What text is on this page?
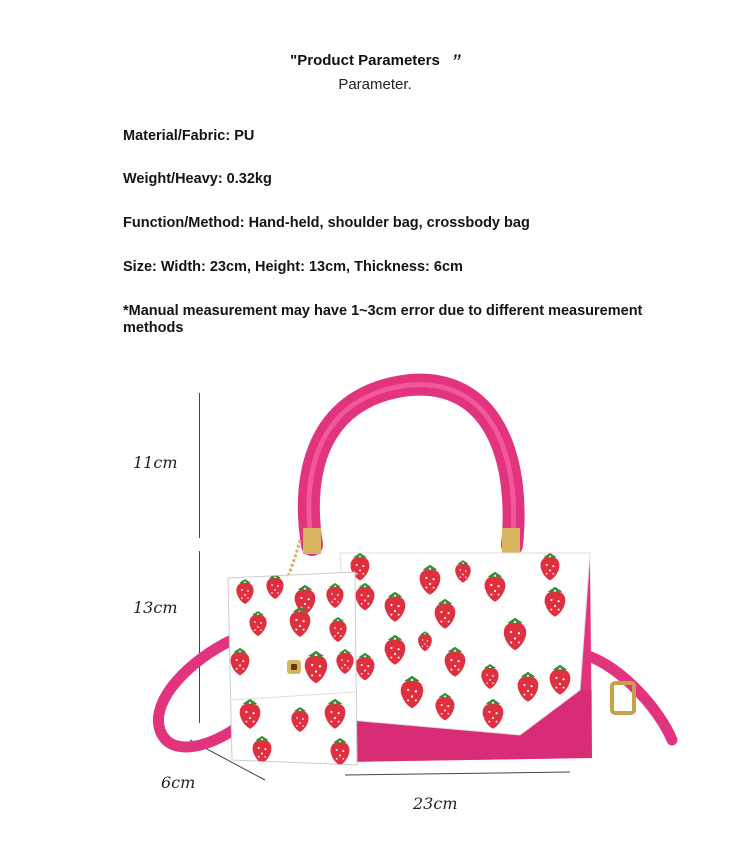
"Product Parameters ”
Parameter.
Material/Fabric: PU
Weight/Heavy: 0.32kg
Function/Method: Hand-held, shoulder bag, crossbody bag
Size: Width: 23cm, Height: 13cm, Thickness: 6cm
*Manual measurement may have 1~3cm error due to different measurement methods
11cm
13cm
6cm
23cm
